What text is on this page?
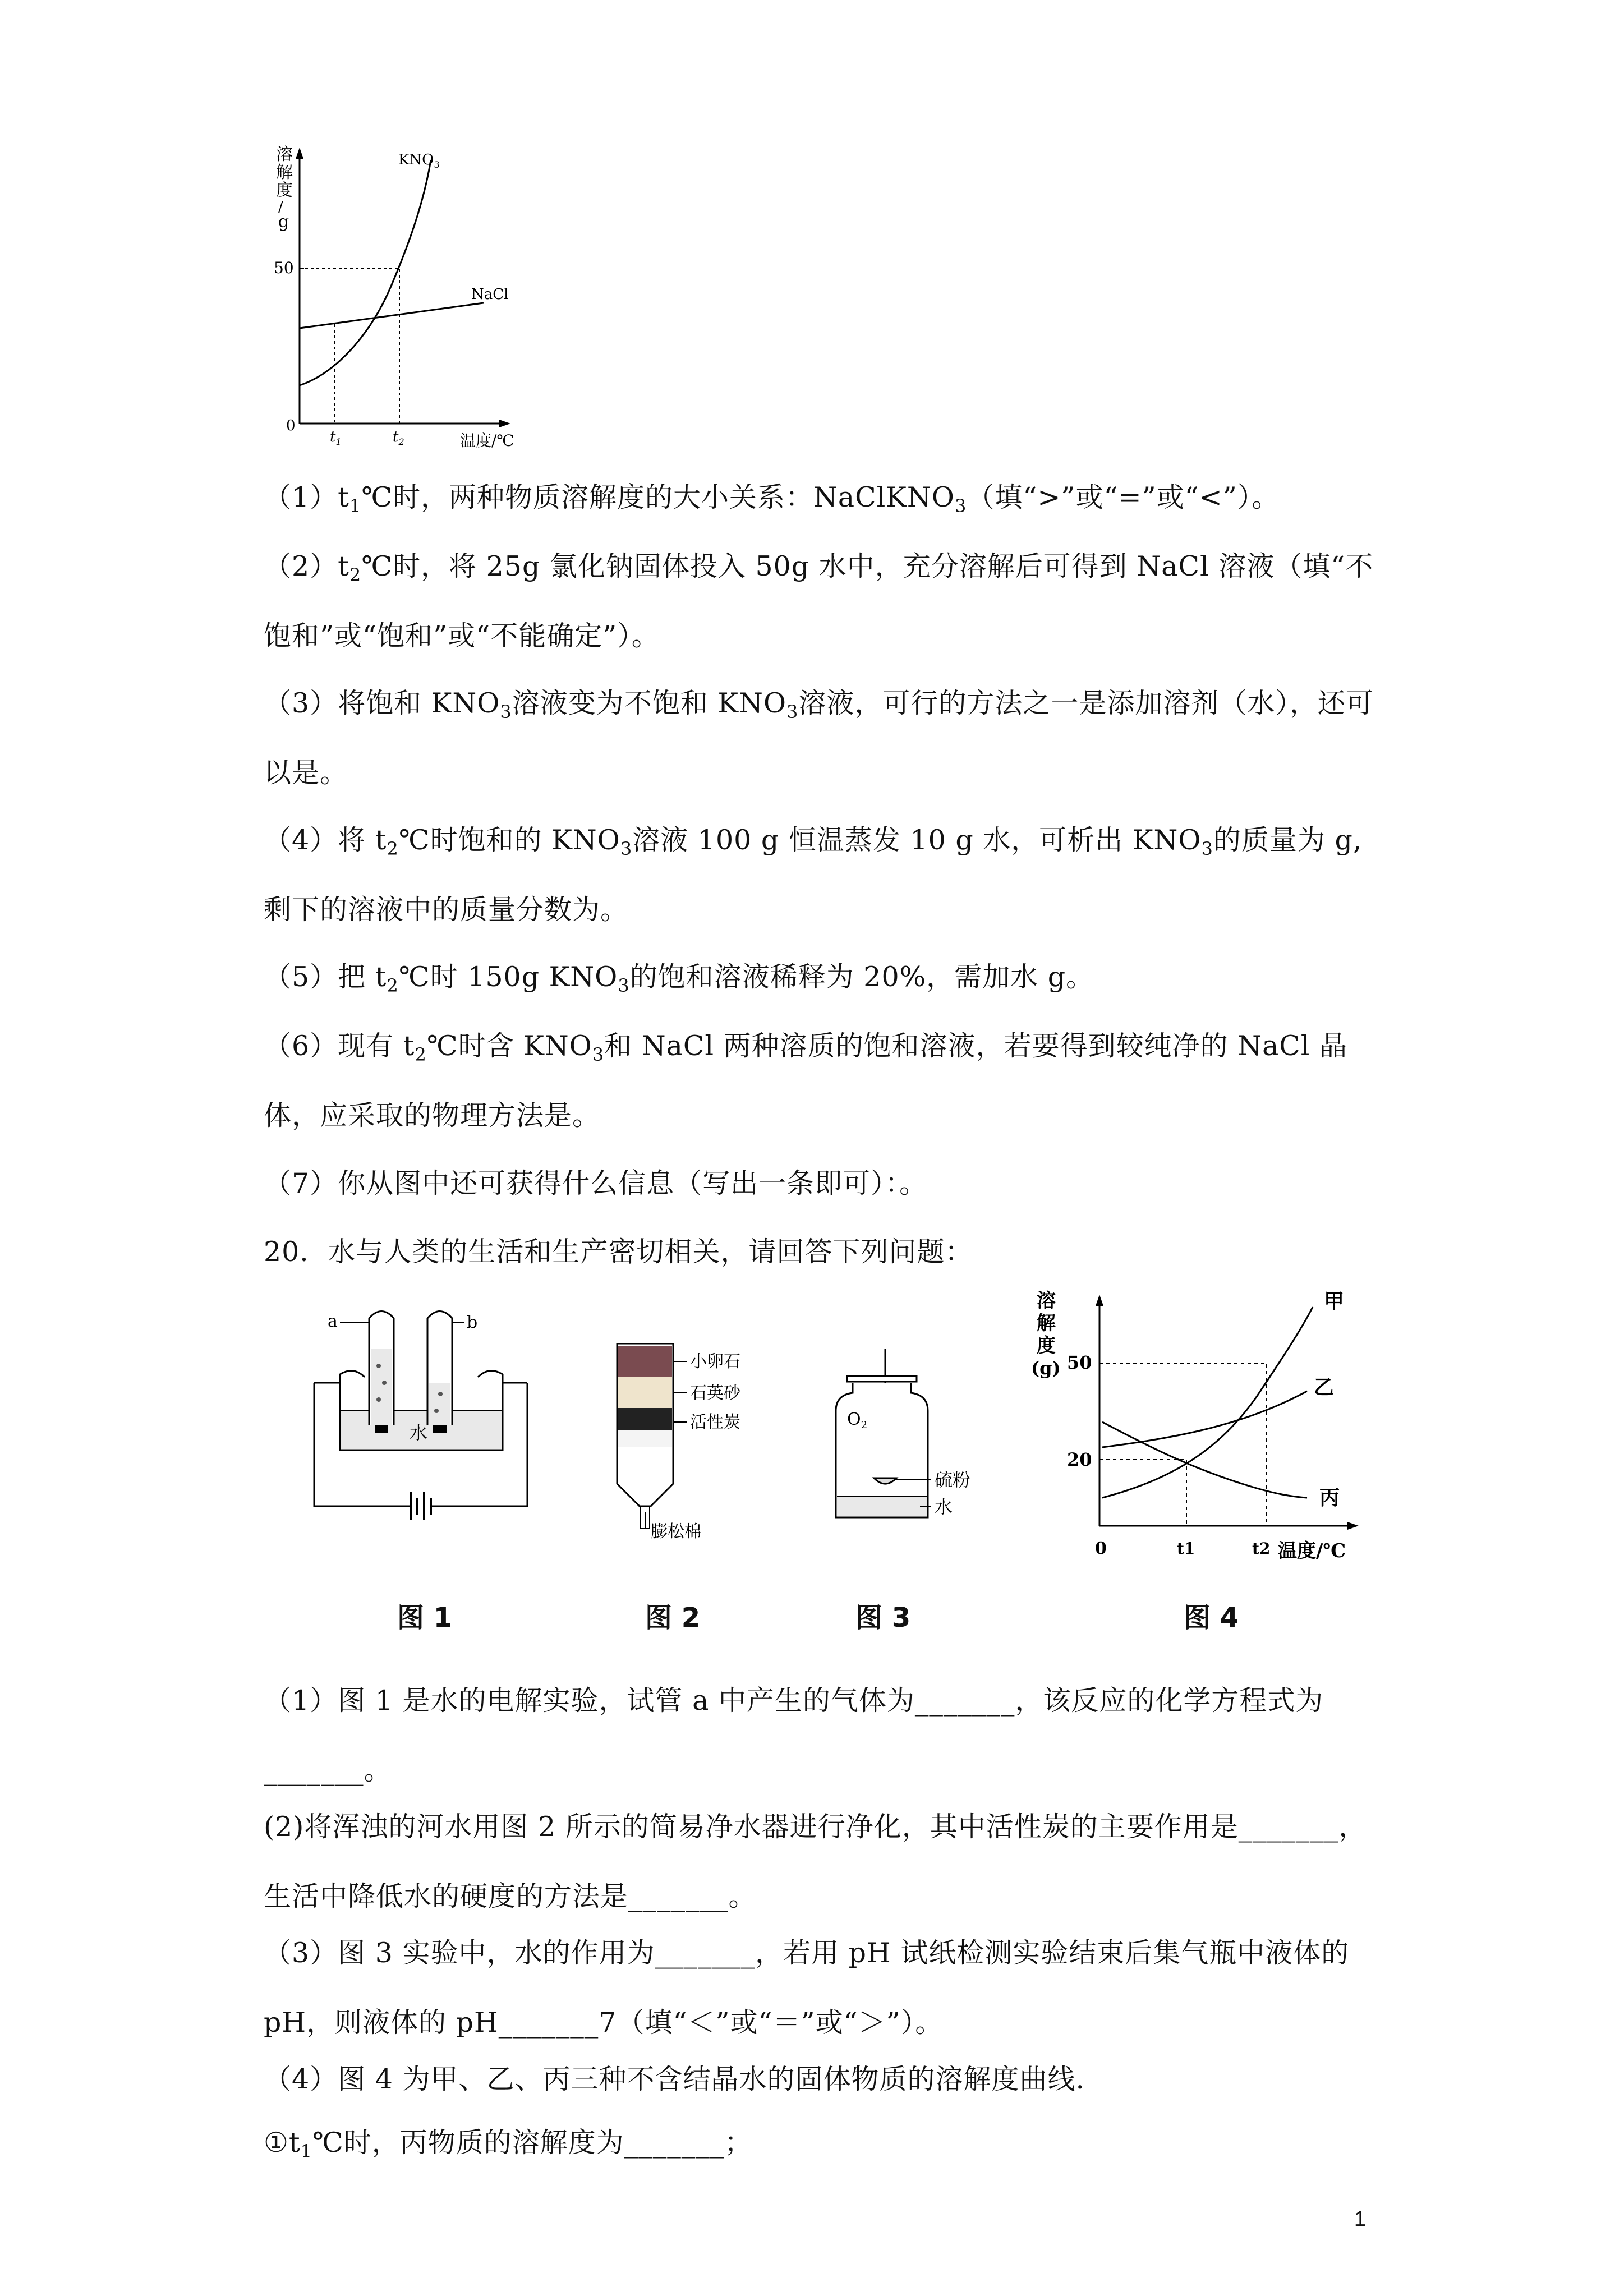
溶
解
度
/
g
50
0
$t_1$	$t_2$	温度/℃
$KNO_3$
NaCl
$(1)t_1℃$时，两种物质溶解度的大小关系：NaClKNO$_3$（填“>”或“=”或“<”）。
$(2)t_2℃$时，将 25g 氯化钠固体投入 50g 水中，充分溶解后可得到 NaCl 溶液（填“不饱和”或“饱和”或“不能确定”）。
（3）将饱和 $KNO_3$溶液变为不饱和 $KNO_3$溶液，可行的方法之一是添加溶剂（水），还可以是。
（4）将 $t_2℃$时饱和的 $KNO_3$溶液 100 g 恒温蒸发 10 g 水，可析出 $KNO_3$的质量为 g,剩下的溶液中的质量分数为。
（5）把 $t_2℃$时 150g $KNO_3$的饱和溶液稀释为 20%，需加水 g。
（6）现有 $t_2℃$时含 $KNO_3$和 NaCl 两种溶质的饱和溶液，若要得到较纯净的 NaCl 晶体，应采取的物理方法是。
（7）你从图中还可获得什么信息（写出一条即可）：。
20．水与人类的生活和生产密切相关，请回答下列问题：
a	b
水
小卵石
石英砂
活性炭
膨松棉
$O_2$
硫粉
水
溶
解
度
(g) 50
20
0	t1	t2 温度/℃
甲
乙
丙
图 1	图 2	图 3	图 4
（1）图 1 是水的电解实验，试管 a 中产生的气体为_______，该反应的化学方程式为_______。
(2)将浑浊的河水用图 2 所示的简易净水器进行净化，其中活性炭的主要作用是_______，生活中降低水的硬度的方法是_______。
（3）图 3 实验中，水的作用为_______，若用 pH 试纸检测实验结束后集气瓶中液体的 pH，则液体的 pH_______7（填“＜”或“＝”或“＞”）。
（4）图 4 为甲、乙、丙三种不含结晶水的固体物质的溶解度曲线.
$①t_1℃$时，丙物质的溶解度为_______；
1
